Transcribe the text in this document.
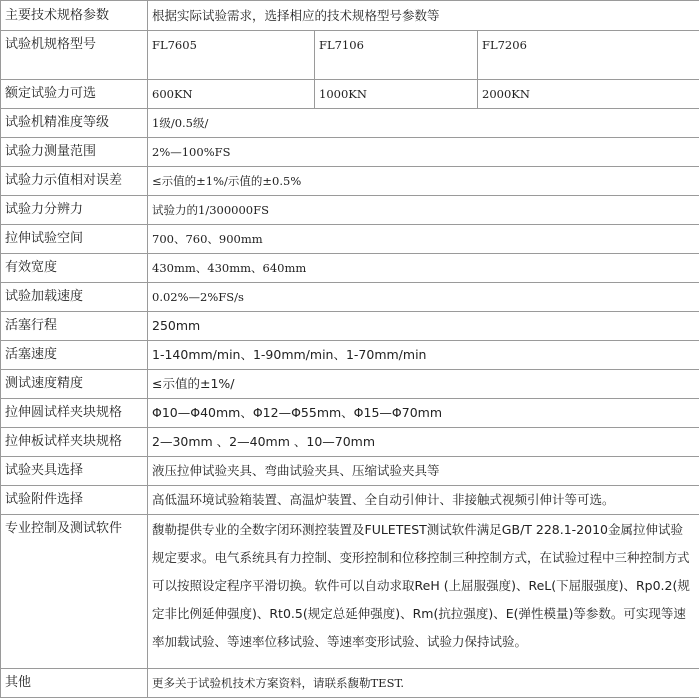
主要技术规格参数	根据实际试验需求，选择相应的技术规格型号参数等		
试验机规格型号	FL7605	FL7106	FL7206
额定试验力可选	600KN	1000KN	2000KN
试验机精准度等级	1级/0.5级/		
试验力测量范围	2%—100%FS		
试验力示值相对误差	≤示值的±1%/示值的±0.5%		
试验力分辨力	试验力的1/300000FS		
拉伸试验空间	700、760、900mm		
有效宽度	430mm、430mm、640mm		
试验加载速度	0.02%—2%FS/s		
活塞行程	250mm		
活塞速度	1-140mm/min、1-90mm/min、1-70mm/min		
测试速度精度	≤示值的±1%/		
拉伸圆试样夹块规格	Φ10—Φ40mm、Φ12—Φ55mm、Φ15—Φ70mm		
拉伸板试样夹块规格	2—30mm 、2—40mm 、10—70mm		
试验夹具选择	液压拉伸试验夹具、弯曲试验夹具、压缩试验夹具等		
试验附件选择	高低温环境试验箱装置、高温炉装置、全自动引伸计、非接触式视频引伸计等可选。		
专业控制及测试软件	馥勒提供专业的全数字闭环测控装置及FULETEST测试软件满足GB/T 228.1-2010金属拉伸试验规定要求。电气系统具有力控制、变形控制和位移控制三种控制方式，在试验过程中三种控制方式可以按照设定程序平滑切换。软件可以自动求取ReH (上屈服强度)、ReL(下屈服强度)、Rp0.2(规定非比例延伸强度)、Rt0.5(规定总延伸强度)、Rm(抗拉强度)、E(弹性模量)等参数。可实现等速率加载试验、等速率位移试验、等速率变形试验、试验力保持试验。		
其他	更多关于试验机技术方案资料，请联系馥勒TEST.		
